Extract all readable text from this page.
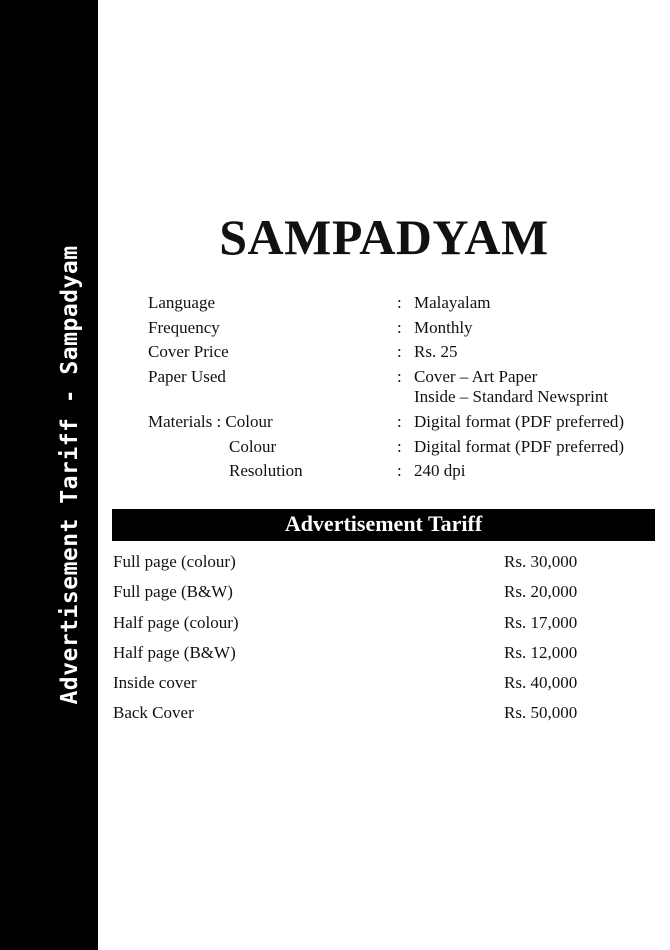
Advertisement Tariff - Sampadyam
SAMPADYAM
Language	: Malayalam
Frequency	: Monthly
Cover Price	: Rs. 25
Paper Used	: Cover – Art Paper
Inside – Standard Newsprint
Materials : Colour	: Digital format (PDF preferred)
Colour	: Digital format (PDF preferred)
Resolution	: 240 dpi
Advertisement Tariff
Full page (colour)	Rs. 30,000
Full page (B&W)	Rs. 20,000
Half page (colour)	Rs. 17,000
Half page (B&W)	Rs. 12,000
Inside cover	Rs. 40,000
Back Cover	Rs. 50,000
